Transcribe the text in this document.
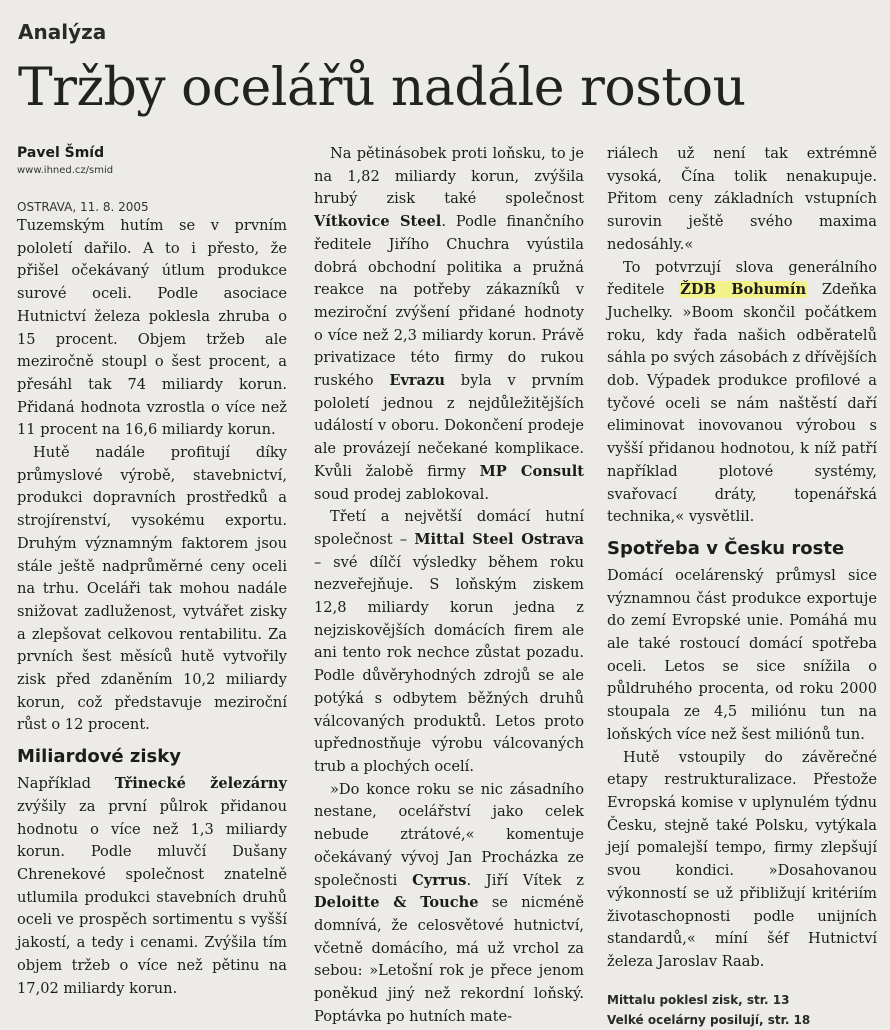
Analýza
Tržby ocelářů nadále rostou
Pavel Šmíd
www.ihned.cz/smid
OSTRAVA, 11. 8. 2005

Tuzemským hutím se v prvním pololetí dařilo. A to i přesto, že přišel očekávaný útlum produkce surové oceli. Podle asociace Hutnictví železa poklesla zhruba o 15 procent. Objem tržeb ale meziročně stoupl o šest procent, a přesáhl tak 74 miliardy korun. Přidaná hodnota vzrostla o více než 11 procent na 16,6 miliardy korun.

Hutě nadále profitují díky průmyslové výrobě, stavebnictví, produkci dopravních prostředků a strojírenství, vysokému exportu. Druhým významným faktorem jsou stále ještě nadprůměrné ceny oceli na trhu. Oceláři tak mohou nadále snižovat zadluženost, vytvářet zisky a zlepšovat celkovou rentabilitu. Za prvních šest měsíců hutě vytvořily zisk před zdaněním 10,2 miliardy korun, což představuje meziroční růst o 12 procent.

Miliardové zisky

Například Třinecké železárny zvýšily za první půlrok přidanou hodnotu o více než 1,3 miliardy korun. Podle mluvčí Dušany Chrenekové společnost znatelně utlumila produkci stavebních druhů oceli ve prospěch sortimentu s vyšší jakostí, a tedy i cenami. Zvýšila tím objem tržeb o více než pětinu na 17,02 miliardy korun.

Na pětinásobek proti loňsku, to je na 1,82 miliardy korun, zvýšila hrubý zisk také společnost Vítkovice Steel. Podle finančního ředitele Jiřího Chuchra vyústila dobrá obchodní politika a pružná reakce na potřeby zákazníků v meziroční zvýšení přidané hodnoty o více než 2,3 miliardy korun. Právě privatizace této firmy do rukou ruského Evrazu byla v prvním pololetí jednou z nejdůležitějších událostí v oboru. Dokončení prodeje ale provázejí nečekané komplikace. Kvůli žalobě firmy MP Consult soud prodej zablokoval.

Třetí a největší domácí hutní společnost – Mittal Steel Ostrava – své dílčí výsledky během roku nezveřejňuje. S loňským ziskem 12,8 miliardy korun jedna z nejziskovějších domácích firem ale ani tento rok nechce zůstat pozadu. Podle důvěryhodných zdrojů se ale potýká s odbytem běžných druhů válcovaných produktů. Letos proto upřednostňuje výrobu válcovaných trub a plochých ocelí.

»Do konce roku se nic zásadního nestane, ocelářství jako celek nebude ztrátové,« komentuje očekávaný vývoj Jan Procházka ze společnosti Cyrrus. Jiří Vítek z Deloitte & Touche se nicméně domnívá, že celosvětové hutnictví, včetně domácího, má už vrchol za sebou: »Letošní rok je přece jenom poněkud jiný než rekordní loňský. Poptávka po hutních mate-

riálech už není tak extrémně vysoká, Čína tolik nenakupuje. Přitom ceny základních vstupních surovin ještě svého maxima nedosáhly.«

To potvrzují slova generálního ředitele ŽDB Bohumín Zdeňka Juchelky. »Boom skončil počátkem roku, kdy řada našich odběratelů sáhla po svých zásobách z dřívějších dob. Výpadek produkce profilové a tyčové oceli se nám naštěstí daří eliminovat inovovanou výrobou s vyšší přidanou hodnotou, k níž patří například plotové systémy, svařovací dráty, topenářská technika,« vysvětlil.

Spotřeba v Česku roste

Domácí ocelárenský průmysl sice významnou část produkce exportuje do zemí Evropské unie. Pomáhá mu ale také rostoucí domácí spotřeba oceli. Letos se sice snížila o půldruhého procenta, od roku 2000 stoupala ze 4,5 miliónu tun na loňských více než šest miliónů tun.

Hutě vstoupily do závěrečné etapy restrukturalizace. Přestože Evropská komise v uplynulém týdnu Česku, stejně také Polsku, vytýkala její pomalejší tempo, firmy zlepšují svou kondici. »Dosahovanou výkonností se už přibližují kritériím životaschopnosti podle unijních standardů,« míní šéf Hutnictví železa Jaroslav Raab.

Mittalu poklesl zisk, str. 13
Velké ocelárny posilují, str. 18
